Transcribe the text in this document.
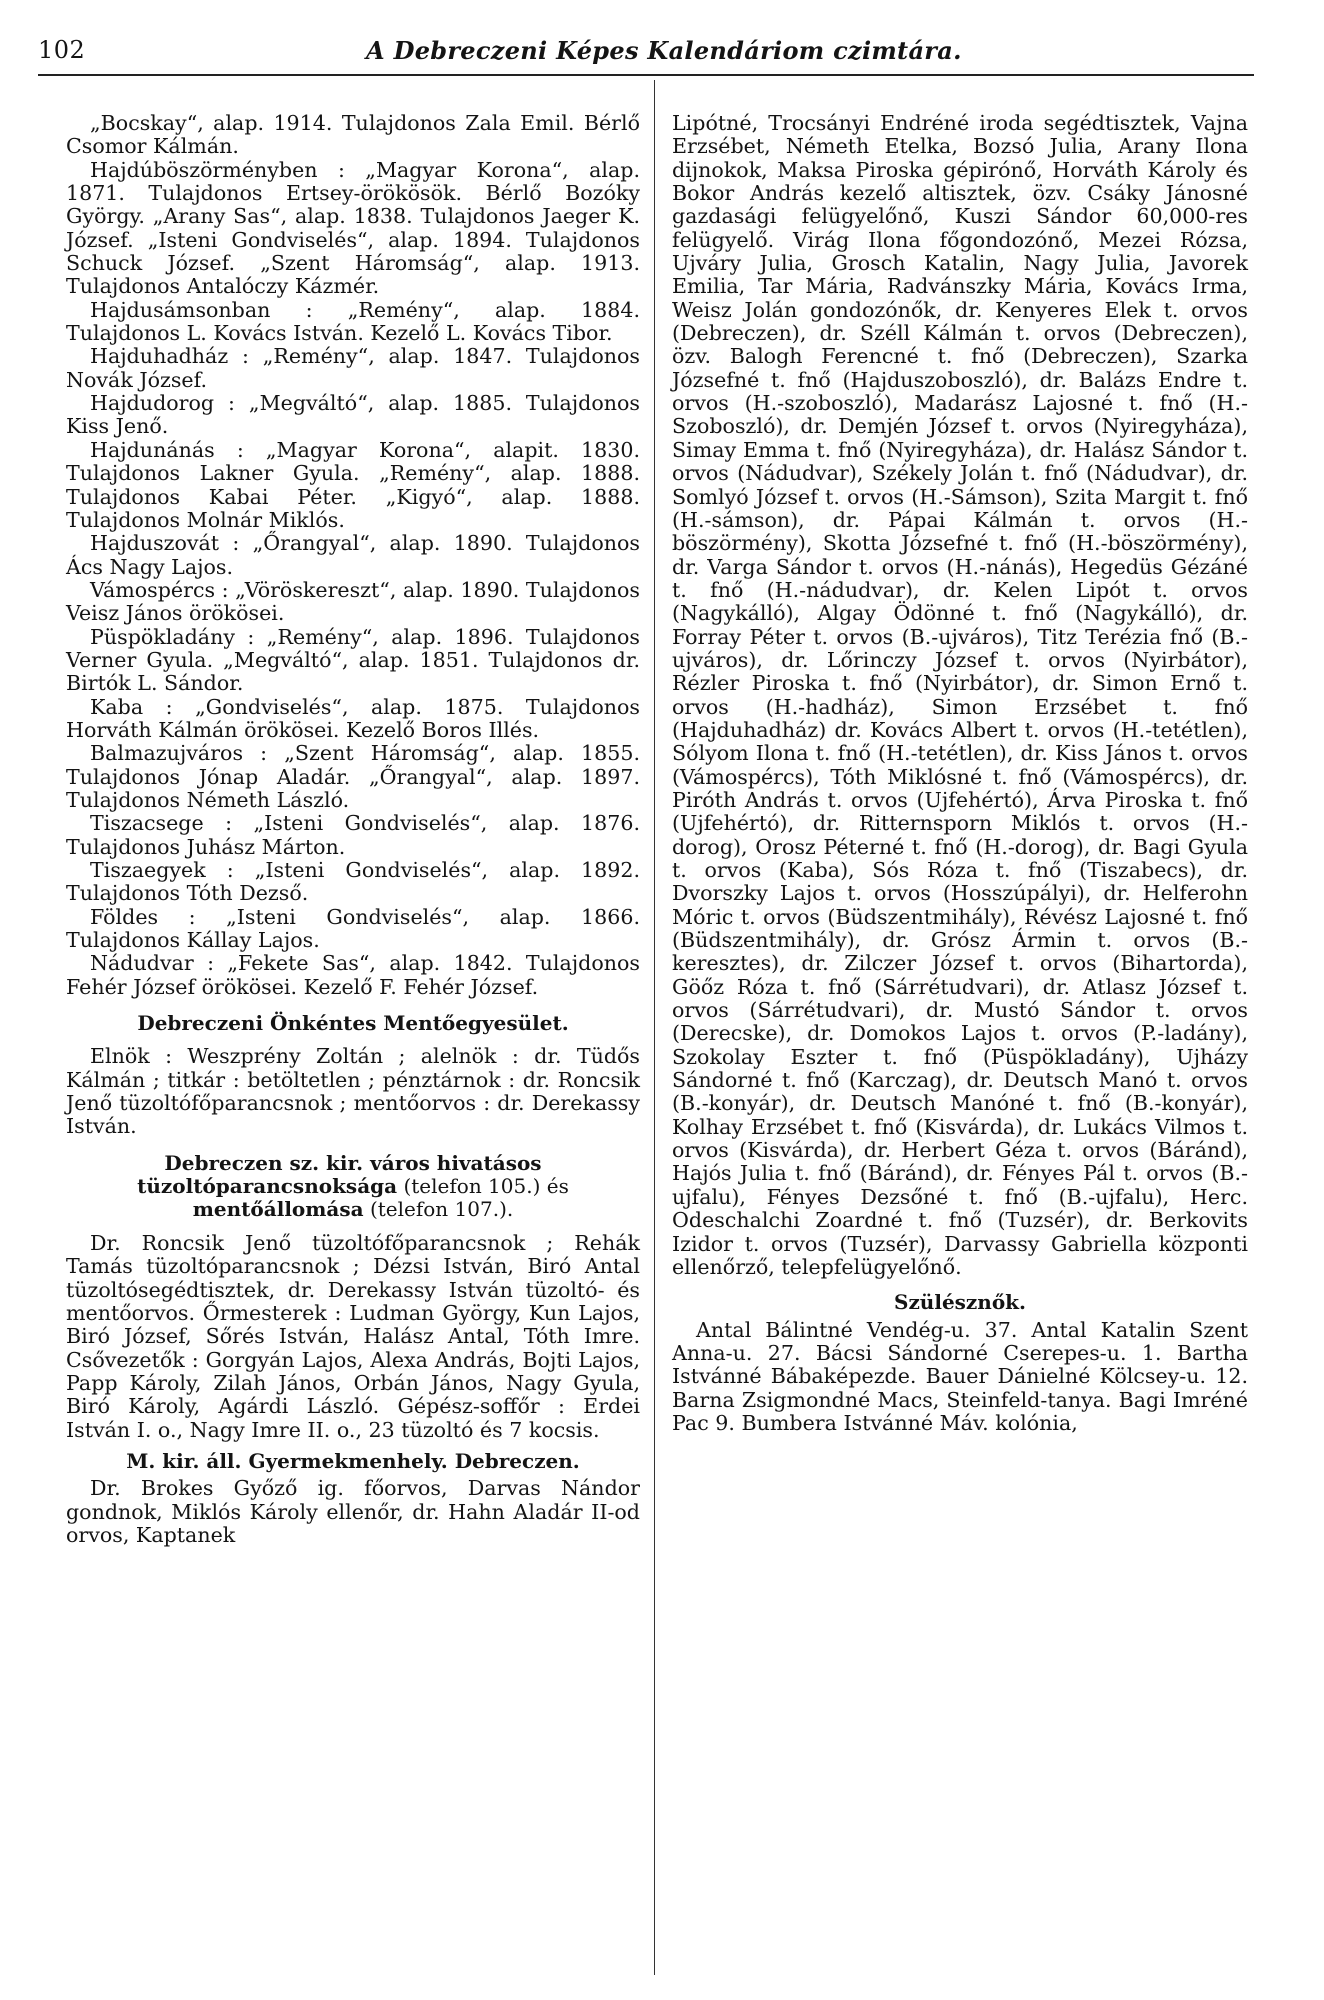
102	A Debreczeni Képes Kalendáriom czimtára.

„Bocskay“, alap. 1914. Tulajdonos Zala Emil. Bérlő Csomor Kálmán.

Hajdúböszörményben : „Magyar Korona“, alap. 1871. Tulajdonos Ertsey-örökösök. Bérlő Bozóky György. „Arany Sas“, alap. 1838. Tulajdonos Jaeger K. József. „Isteni Gondviselés“, alap. 1894. Tulajdonos Schuck József. „Szent Háromság“, alap. 1913. Tulajdonos Antalóczy Kázmér.

Hajdusámsonban : „Remény“, alap. 1884. Tulajdonos L. Kovács István. Kezelő L. Kovács Tibor.

Hajduhadház : „Remény“, alap. 1847. Tulajdonos Novák József.

Hajdudorog : „Megváltó“, alap. 1885. Tulajdonos Kiss Jenő.

Hajdunánás : „Magyar Korona“, alapit. 1830. Tulajdonos Lakner Gyula. „Remény“, alap. 1888. Tulajdonos Kabai Péter. „Kigyó“, alap. 1888. Tulajdonos Molnár Miklós.

Hajduszovát : „Őrangyal“, alap. 1890. Tulajdonos Ács Nagy Lajos.

Vámospércs : „Vöröskereszt“, alap. 1890. Tulajdonos Veisz János örökösei.

Püspökladány : „Remény“, alap. 1896. Tulajdonos Verner Gyula. „Megváltó“, alap. 1851. Tulajdonos dr. Birtók L. Sándor.

Kaba : „Gondviselés“, alap. 1875. Tulajdonos Horváth Kálmán örökösei. Kezelő Boros Illés.

Balmazujváros : „Szent Háromság“, alap. 1855. Tulajdonos Jónap Aladár. „Őrangyal“, alap. 1897. Tulajdonos Németh László.

Tiszacsege : „Isteni Gondviselés“, alap. 1876. Tulajdonos Juhász Márton.

Tiszaegyek : „Isteni Gondviselés“, alap. 1892. Tulajdonos Tóth Dezső.

Földes : „Isteni Gondviselés“, alap. 1866. Tulajdonos Kállay Lajos.

Nádudvar : „Fekete Sas“, alap. 1842. Tulajdonos Fehér József örökösei. Kezelő F. Fehér József.

Debreczeni Önkéntes Mentőegyesület.

Elnök : Weszprény Zoltán ; alelnök : dr. Tüdős Kálmán ; titkár : betöltetlen ; pénztárnok : dr. Roncsik Jenő tüzoltófőparancsnok ; mentőorvos : dr. Derekassy István.

Debreczen sz. kir. város hivatásos tüzoltóparancsnoksága (telefon 105.) és mentőállomása (telefon 107.).

Dr. Roncsik Jenő tüzoltófőparancsnok ; Rehák Tamás tüzoltóparancsnok ; Dézsi István, Biró Antal tüzoltósegédtisztek, dr. Derekassy István tüzoltó- és mentőorvos. Őrmesterek : Ludman György, Kun Lajos, Biró József, Sőrés István, Halász Antal, Tóth Imre. Csővezetők : Gorgyán Lajos, Alexa András, Bojti Lajos, Papp Károly, Zilah János, Orbán János, Nagy Gyula, Biró Károly, Agárdi László. Gépész-soffőr : Erdei István I. o., Nagy Imre II. o., 23 tüzoltó és 7 kocsis.

M. kir. áll. Gyermekmenhely. Debreczen.

Dr. Brokes Győző ig. főorvos, Darvas Nándor gondnok, Miklós Károly ellenőr, dr. Hahn Aladár II-od orvos, Kaptanek

Lipótné, Trocsányi Endréné iroda segédtisztek, Vajna Erzsébet, Németh Etelka, Bozsó Julia, Arany Ilona dijnokok, Maksa Piroska gépirónő, Horváth Károly és Bokor András kezelő altisztek, özv. Csáky Jánosné gazdasági felügyelőnő, Kuszi Sándor 60,000-res felügyelő. Virág Ilona főgondozónő, Mezei Rózsa, Ujváry Julia, Grosch Katalin, Nagy Julia, Javorek Emilia, Tar Mária, Radvánszky Mária, Kovács Irma, Weisz Jolán gondozónők, dr. Kenyeres Elek t. orvos (Debreczen), dr. Széll Kálmán t. orvos (Debreczen), özv. Balogh Ferencné t. fnő (Debreczen), Szarka Józsefné t. fnő (Hajduszoboszló), dr. Balázs Endre t. orvos (H.-szoboszló), Madarász Lajosné t. fnő (H.-Szoboszló), dr. Demjén József t. orvos (Nyiregyháza), Simay Emma t. fnő (Nyiregyháza), dr. Halász Sándor t. orvos (Nádudvar), Székely Jolán t. fnő (Nádudvar), dr. Somlyó József t. orvos (H.-Sámson), Szita Margit t. fnő (H.-sámson), dr. Pápai Kálmán t. orvos (H.-böszörmény), Skotta Józsefné t. fnő (H.-böszörmény), dr. Varga Sándor t. orvos (H.-nánás), Hegedüs Gézáné t. fnő (H.-nádudvar), dr. Kelen Lipót t. orvos (Nagykálló), Algay Ödönné t. fnő (Nagykálló), dr. Forray Péter t. orvos (B.-ujváros), Titz Terézia fnő (B.-ujváros), dr. Lőrinczy József t. orvos (Nyirbátor), Rézler Piroska t. fnő (Nyirbátor), dr. Simon Ernő t. orvos (H.-hadház), Simon Erzsébet t. fnő (Hajduhadház) dr. Kovács Albert t. orvos (H.-tetétlen), Sólyom Ilona t. fnő (H.-tetétlen), dr. Kiss János t. orvos (Vámospércs), Tóth Miklósné t. fnő (Vámospércs), dr. Piróth András t. orvos (Ujfehértó), Árva Piroska t. fnő (Ujfehértó), dr. Ritternsporn Miklós t. orvos (H.-dorog), Orosz Péterné t. fnő (H.-dorog), dr. Bagi Gyula t. orvos (Kaba), Sós Róza t. fnő (Tiszabecs), dr. Dvorszky Lajos t. orvos (Hosszúpályi), dr. Helferohn Móric t. orvos (Büdszentmihály), Révész Lajosné t. fnő (Büdszentmihály), dr. Grósz Ármin t. orvos (B.-keresztes), dr. Zilczer József t. orvos (Bihartorda), Göőz Róza t. fnő (Sárrétudvari), dr. Atlasz József t. orvos (Sárrétudvari), dr. Mustó Sándor t. orvos (Derecske), dr. Domokos Lajos t. orvos (P.-ladány), Szokolay Eszter t. fnő (Püspökladány), Ujházy Sándorné t. fnő (Karczag), dr. Deutsch Manó t. orvos (B.-konyár), dr. Deutsch Manóné t. fnő (B.-konyár), Kolhay Erzsébet t. fnő (Kisvárda), dr. Lukács Vilmos t. orvos (Kisvárda), dr. Herbert Géza t. orvos (Báránd), Hajós Julia t. fnő (Báránd), dr. Fényes Pál t. orvos (B.-ujfalu), Fényes Dezsőné t. fnő (B.-ujfalu), Herc. Odeschalchi Zoardné t. fnő (Tuzsér), dr. Berkovits Izidor t. orvos (Tuzsér), Darvassy Gabriella központi ellenőrző, telepfelügyelőnő.

Szülésznők.

Antal Bálintné Vendég-u. 37. Antal Katalin Szent Anna-u. 27. Bácsi Sándorné Cserepes-u. 1. Bartha Istvánné Bábaképezde. Bauer Dánielné Kölcsey-u. 12. Barna Zsigmondné Macs, Steinfeld-tanya. Bagi Imréné Pac 9. Bumbera Istvánné Máv. kolónia,
